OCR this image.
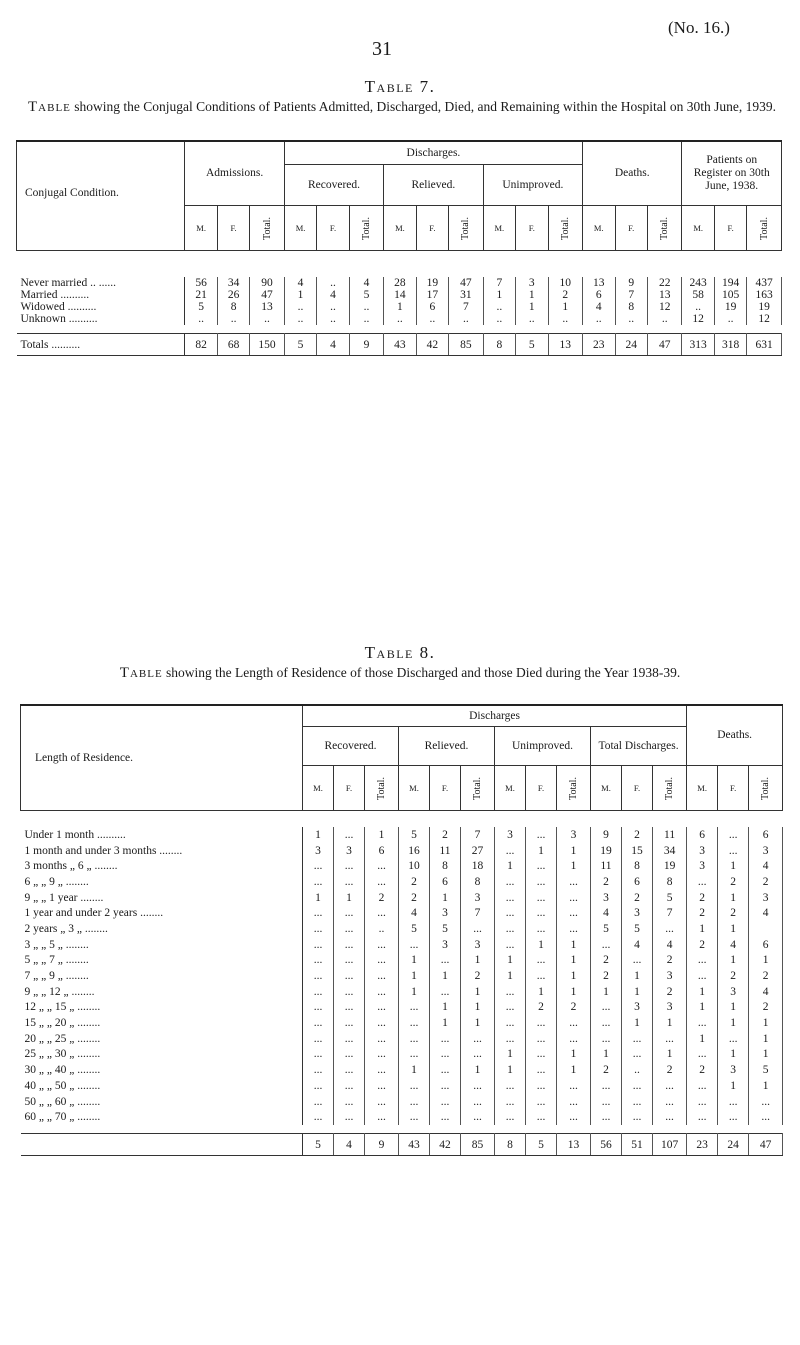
(No. 16.)
31
Table 7.
Table showing the Conjugal Conditions of Patients Admitted, Discharged, Died, and Remaining within the Hospital on 30th June, 1939.
Conjugal Condition.	Admissions.			Discharges.									Deaths.			Patients on Register on 30th June, 1938.		
				Recovered.			Relieved.			Unimproved.								
	M.	F.	Total.	M.	F.	Total.	M.	F.	Total.	M.	F.	Total.	M.	F.	Total.	M.	F.	Total.

Never married .. ......	56	34	90	4	..	4	28	19	47	7	3	10	13	9	22	243	194	437
Married ..........	21	26	47	1	4	5	14	17	31	1	1	2	6	7	13	58	105	163
Widowed ..........	5	8	13	..	..	..	1	6	7	..	1	1	4	8	12	..	19	19
Unknown ..........	..	..	..	..	..	..	..	..	..	..	..	..	..	..	..	12	..	12

Totals ..........	82	68	150	5	4	9	43	42	85	8	5	13	23	24	47	313	318	631
Table 8.
Table showing the Length of Residence of those Discharged and those Died during the Year 1938-39.
Length of Residence.	Discharges												Deaths.		
	Recovered.			Relieved.			Unimproved.			Total Discharges.					
	M.	F.	Total.	M.	F.	Total.	M.	F.	Total.	M.	F.	Total.	M.	F.	Total.

Under 1 month ..........	1	...	1	5	2	7	3	...	3	9	2	11	6	...	6
1 month and under 3 months ........	3	3	6	16	11	27	...	1	1	19	15	34	3	...	3
3 months „ 6 „ ........	...	...	...	10	8	18	1	...	1	11	8	19	3	1	4
6 „ „ 9 „ ........	...	...	...	2	6	8	...	...	...	2	6	8	...	2	2
9 „ „ 1 year ........	1	1	2	2	1	3	...	...	...	3	2	5	2	1	3
1 year and under 2 years ........	...	...	...	4	3	7	...	...	...	4	3	7	2	2	4
2 years „ 3 „ ........	...	...	..	5	5	...	...	...	...	5	5	...	1	1	
3 „ „ 5 „ ........	...	...	...	...	3	3	...	1	1	...	4	4	2	4	6
5 „ „ 7 „ ........	...	...	...	1	...	1	1	...	1	2	...	2	...	1	1
7 „ „ 9 „ ........	...	...	...	1	1	2	1	...	1	2	1	3	...	2	2
9 „ „ 12 „ ........	...	...	...	1	...	1	...	1	1	1	1	2	1	3	4
12 „ „ 15 „ ........	...	...	...	...	1	1	...	2	2	...	3	3	1	1	2
15 „ „ 20 „ ........	...	...	...	...	1	1	...	...	...	...	1	1	...	1	1
20 „ „ 25 „ ........	...	...	...	...	...	...	...	...	...	...	...	...	1	...	1
25 „ „ 30 „ ........	...	...	...	...	...	...	1	...	1	1	...	1	...	1	1
30 „ „ 40 „ ........	...	...	...	1	...	1	1	...	1	2	..	2	2	3	5
40 „ „ 50 „ ........	...	...	...	...	...	...	...	...	...	...	...	...	...	1	1
50 „ „ 60 „ ........	...	...	...	...	...	...	...	...	...	...	...	...	...	...	...
60 „ „ 70 „ ........	...	...	...	...	...	...	...	...	...	...	...	...	...	...	...

	5	4	9	43	42	85	8	5	13	56	51	107	23	24	47
